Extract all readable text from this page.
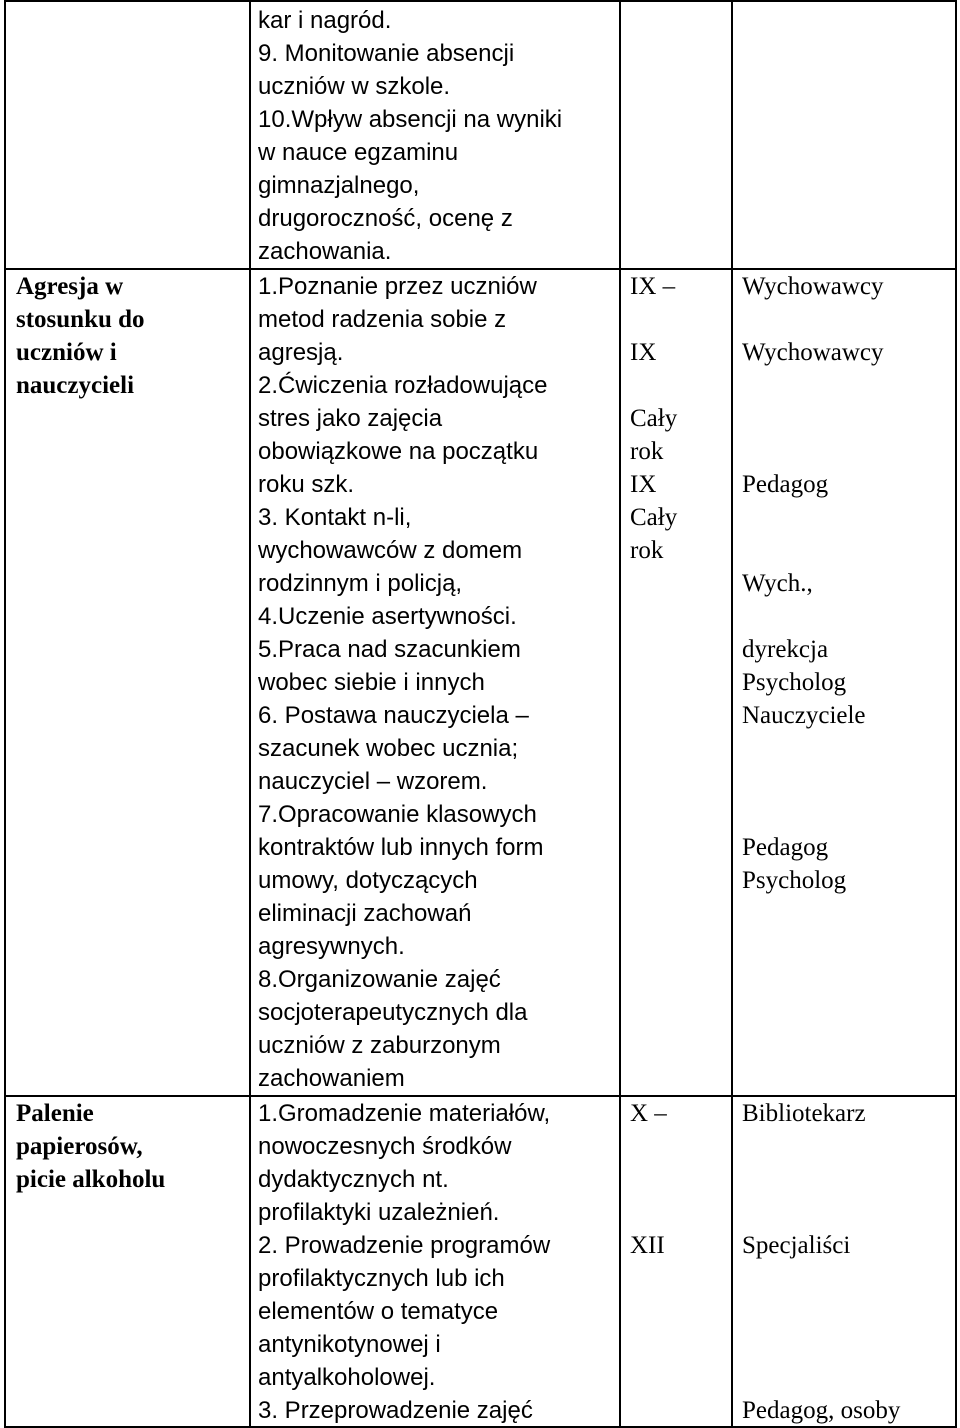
kar i nagród.
9. Monitowanie absencji
uczniów w szkole.
10.Wpływ absencji na wyniki
w nauce egzaminu
gimnazjalnego,
drugoroczność, ocenę z
zachowania.
Agresja w
stosunku do
uczniów i
nauczycieli
1.Poznanie przez uczniów
metod radzenia sobie z
agresją.
2.Ćwiczenia rozładowujące
stres jako zajęcia
obowiązkowe na początku
roku szk.
3. Kontakt n-li,
wychowawców z domem
rodzinnym i policją,
4.Uczenie asertywności.
5.Praca nad szacunkiem
wobec siebie i innych
6. Postawa nauczyciela –
szacunek wobec ucznia;
nauczyciel – wzorem.
7.Opracowanie klasowych
kontraktów lub innych form
umowy, dotyczących
eliminacji zachowań
agresywnych.
8.Organizowanie zajęć
socjoterapeutycznych dla
uczniów z zaburzonym
zachowaniem
IX –
IX
Cały
rok
IX
Cały
rok
Wychowawcy
Wychowawcy
Pedagog
Wych.,
dyrekcja
Psycholog
Nauczyciele
Pedagog
Psycholog
Palenie
papierosów,
picie alkoholu
1.Gromadzenie materiałów,
nowoczesnych środków
dydaktycznych nt.
profilaktyki uzależnień.
2. Prowadzenie programów
profilaktycznych lub ich
elementów o tematyce
antynikotynowej i
antyalkoholowej.
3. Przeprowadzenie zajęć
X –
XII
Bibliotekarz
Specjaliści
Pedagog, osoby
